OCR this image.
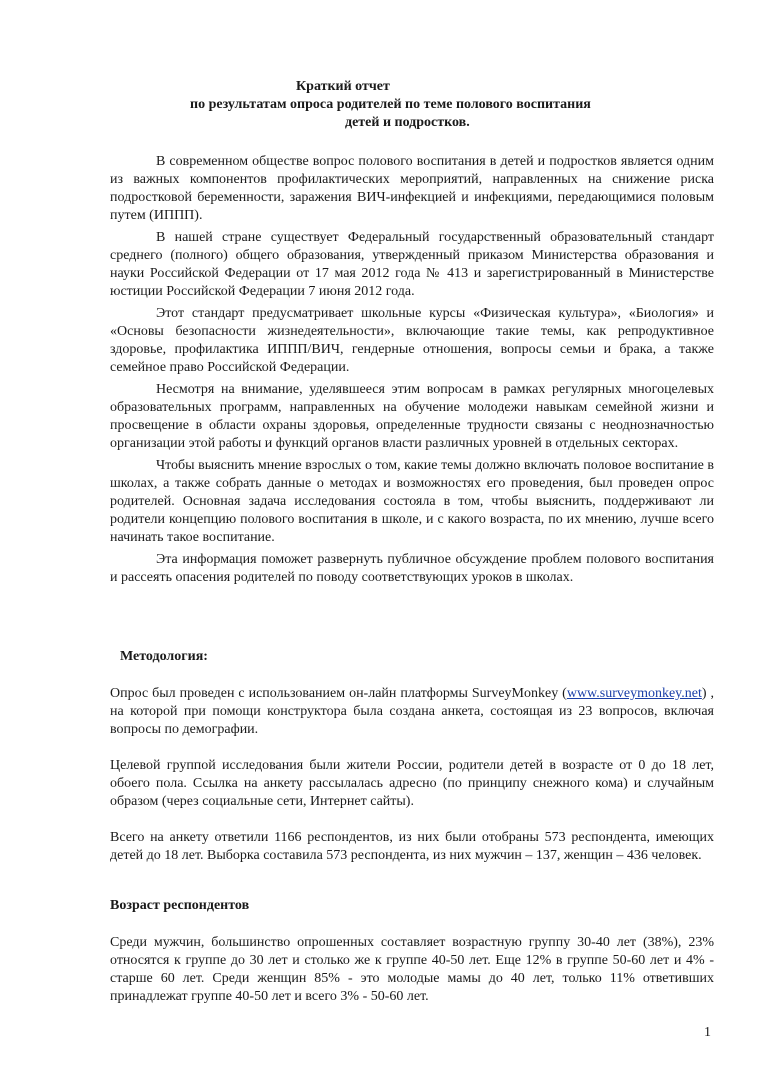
Краткий отчет
по результатам опроса родителей по теме полового воспитания
детей и подростков.

В современном обществе вопрос полового воспитания в детей и подростков является одним из важных компонентов профилактических мероприятий, направленных на снижение риска подростковой беременности, заражения ВИЧ-инфекцией и инфекциями, передающимися половым путем (ИППП).

В нашей стране существует Федеральный государственный образовательный стандарт среднего (полного) общего образования, утвержденный приказом Министерства образования и науки Российской Федерации от 17 мая 2012 года № 413 и зарегистрированный в Министерстве юстиции Российской Федерации 7 июня 2012 года.

Этот стандарт предусматривает школьные курсы «Физическая культура», «Биология» и «Основы безопасности жизнедеятельности», включающие такие темы, как репродуктивное здоровье, профилактика ИППП/ВИЧ, гендерные отношения, вопросы семьи и брака, а также семейное право Российской Федерации.

Несмотря на внимание, уделявшееся этим вопросам в рамках регулярных многоцелевых образовательных программ, направленных на обучение молодежи навыкам семейной жизни и просвещение в области охраны здоровья, определенные трудности связаны с неоднозначностью организации этой работы и функций органов власти различных уровней в отдельных секторах.

Чтобы выяснить мнение взрослых о том, какие темы должно включать половое воспитание в школах, а также собрать данные о методах и возможностях его проведения, был проведен опрос родителей. Основная задача исследования состояла в том, чтобы выяснить, поддерживают ли родители концепцию полового воспитания в школе, и с какого возраста, по их мнению, лучше всего начинать такое воспитание.

Эта информация поможет развернуть публичное обсуждение проблем полового воспитания и рассеять опасения родителей по поводу соответствующих уроков в школах.

Методология:

Опрос был проведен с использованием он-лайн платформы SurveyMonkey (www.surveymonkey.net) , на которой при помощи конструктора была создана анкета, состоящая из 23 вопросов, включая вопросы по демографии.

Целевой группой исследования были жители России, родители детей в возрасте от 0 до 18 лет, обоего пола. Ссылка на анкету рассылалась адресно (по принципу снежного кома) и случайным образом (через социальные сети, Интернет сайты).

Всего на анкету ответили 1166 респондентов, из них были отобраны 573 респондента, имеющих детей до 18 лет. Выборка составила 573 респондента, из них мужчин – 137, женщин – 436 человек.

Возраст респондентов

Среди мужчин, большинство опрошенных составляет возрастную группу 30-40 лет (38%), 23% относятся к группе до 30 лет и столько же к группе 40-50 лет. Еще 12% в группе 50-60 лет и 4% - старше 60 лет. Среди женщин 85% - это молодые мамы до 40 лет, только 11% ответивших принадлежат группе 40-50 лет и всего 3% - 50-60 лет.

1
